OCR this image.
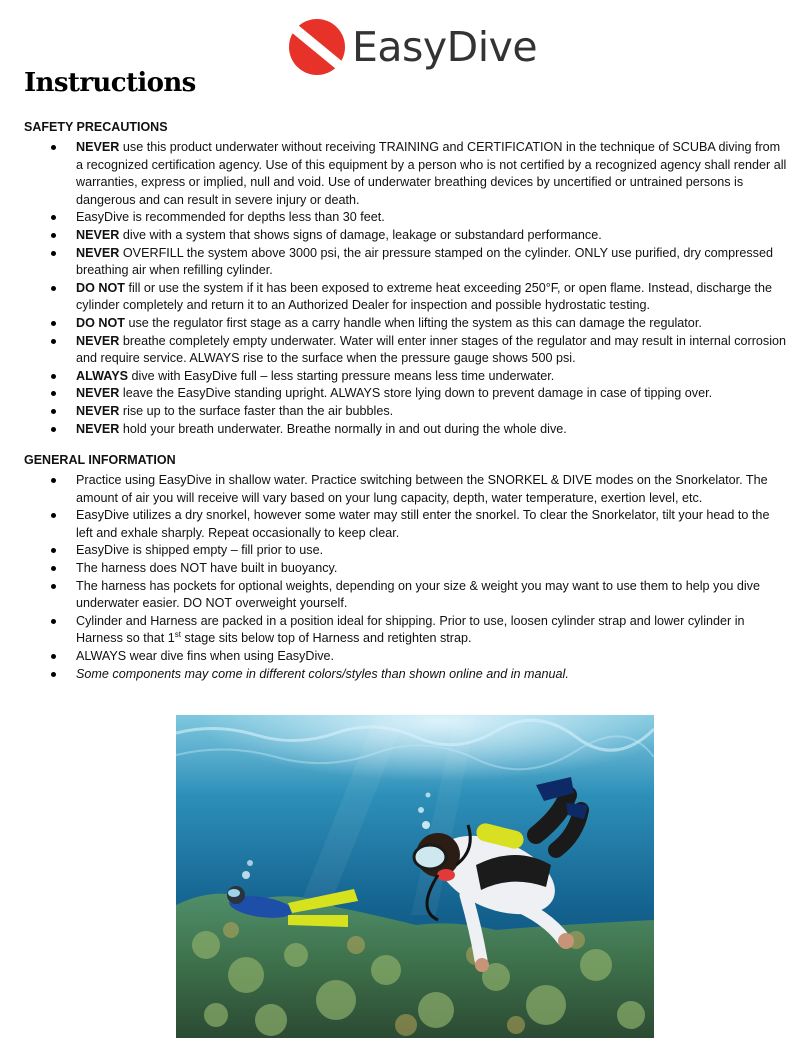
EasyDive
Instructions
SAFETY PRECAUTIONS
NEVER use this product underwater without receiving TRAINING and CERTIFICATION in the technique of SCUBA diving from a recognized certification agency. Use of this equipment by a person who is not certified by a recognized agency shall render all warranties, express or implied, null and void. Use of underwater breathing devices by uncertified or untrained persons is dangerous and can result in severe injury or death.
EasyDive is recommended for depths less than 30 feet.
NEVER dive with a system that shows signs of damage, leakage or substandard performance.
NEVER OVERFILL the system above 3000 psi, the air pressure stamped on the cylinder. ONLY use purified, dry compressed breathing air when refilling cylinder.
DO NOT fill or use the system if it has been exposed to extreme heat exceeding 250°F, or open flame. Instead, discharge the cylinder completely and return it to an Authorized Dealer for inspection and possible hydrostatic testing.
DO NOT use the regulator first stage as a carry handle when lifting the system as this can damage the regulator.
NEVER breathe completely empty underwater. Water will enter inner stages of the regulator and may result in internal corrosion and require service. ALWAYS rise to the surface when the pressure gauge shows 500 psi.
ALWAYS dive with EasyDive full – less starting pressure means less time underwater.
NEVER leave the EasyDive standing upright. ALWAYS store lying down to prevent damage in case of tipping over.
NEVER rise up to the surface faster than the air bubbles.
NEVER hold your breath underwater. Breathe normally in and out during the whole dive.
GENERAL INFORMATION
Practice using EasyDive in shallow water. Practice switching between the SNORKEL & DIVE modes on the Snorkelator. The amount of air you will receive will vary based on your lung capacity, depth, water temperature, exertion level, etc.
EasyDive utilizes a dry snorkel, however some water may still enter the snorkel. To clear the Snorkelator, tilt your head to the left and exhale sharply. Repeat occasionally to keep clear.
EasyDive is shipped empty – fill prior to use.
The harness does NOT have built in buoyancy.
The harness has pockets for optional weights, depending on your size & weight you may want to use them to help you dive underwater easier. DO NOT overweight yourself.
Cylinder and Harness are packed in a position ideal for shipping. Prior to use, loosen cylinder strap and lower cylinder in Harness so that 1st stage sits below top of Harness and retighten strap.
ALWAYS wear dive fins when using EasyDive.
Some components may come in different colors/styles than shown online and in manual.
